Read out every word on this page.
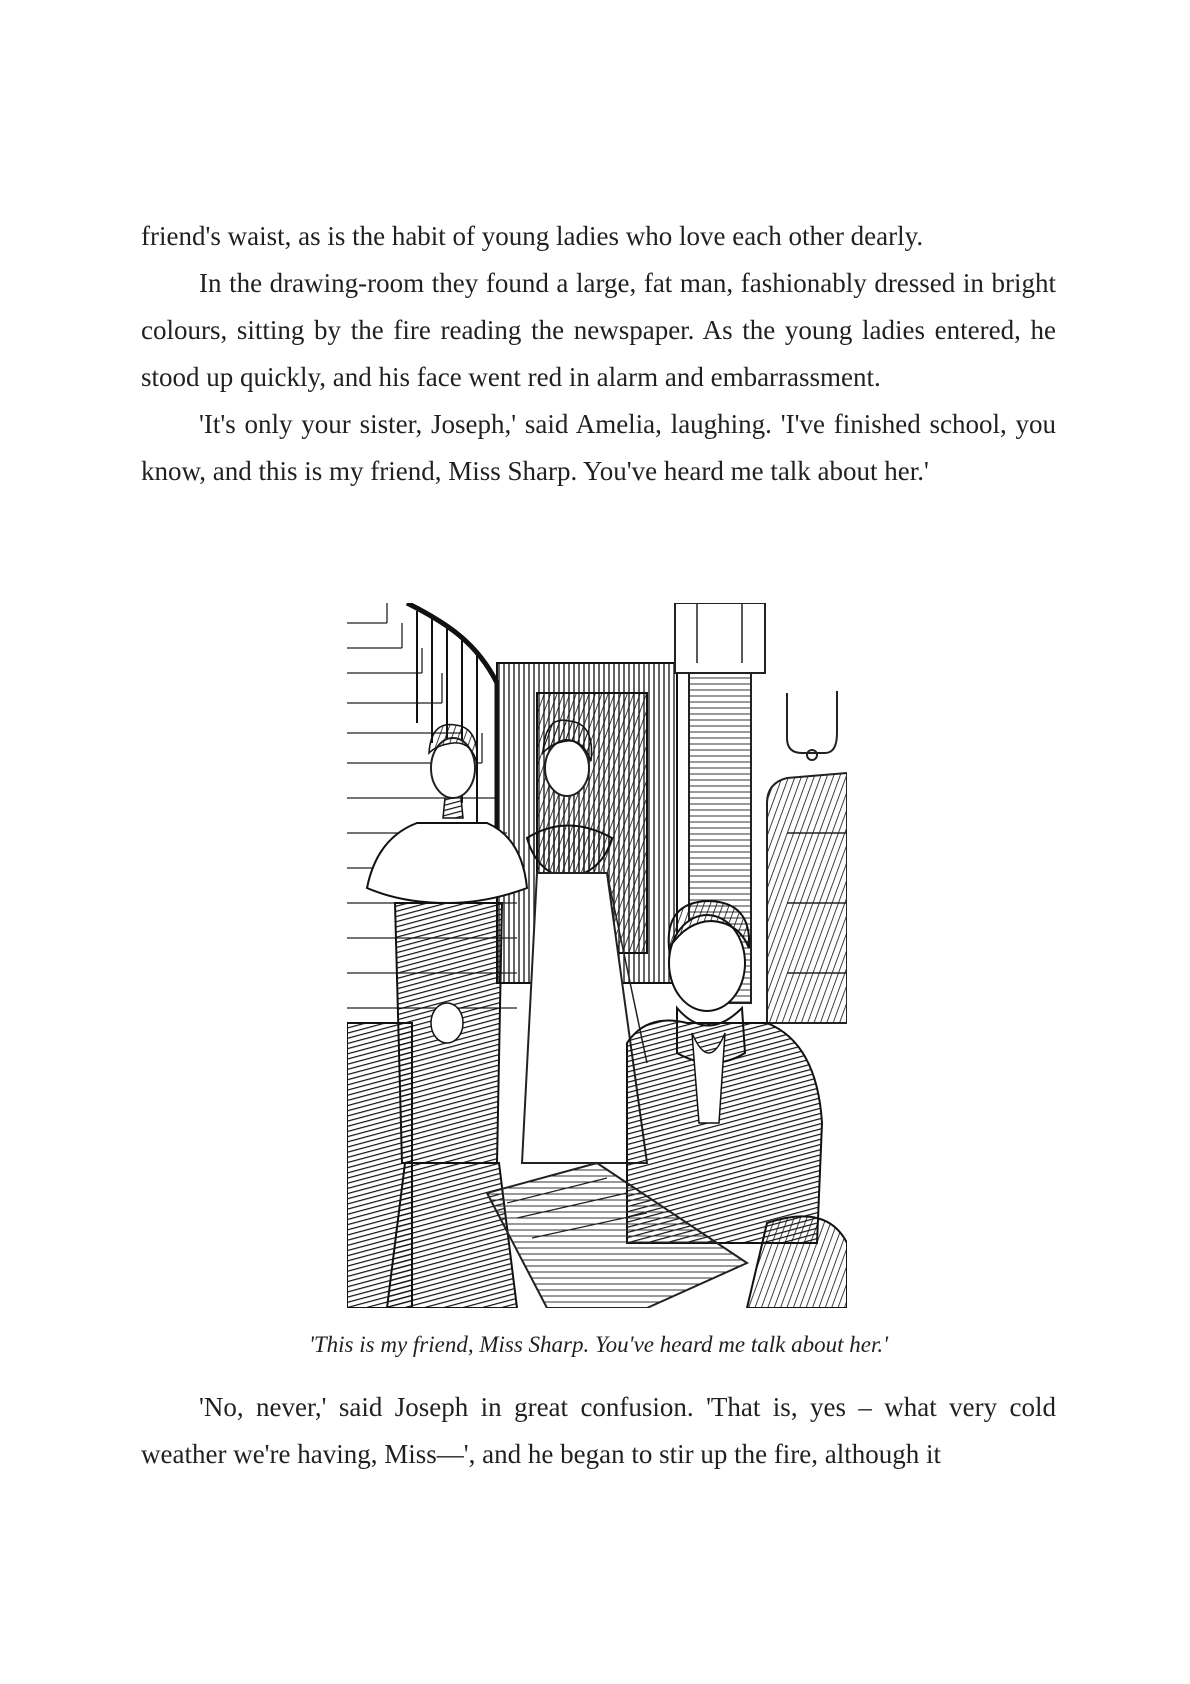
friend's waist, as is the habit of young ladies who love each other dearly.

In the drawing-room they found a large, fat man, fashionably dressed in bright colours, sitting by the fire reading the newspaper. As the young ladies entered, he stood up quickly, and his face went red in alarm and embarrassment.

'It's only your sister, Joseph,' said Amelia, laughing. 'I've finished school, you know, and this is my friend, Miss Sharp. You've heard me talk about her.'

'This is my friend, Miss Sharp. You've heard me talk about her.'

'No, never,' said Joseph in great confusion. 'That is, yes – what very cold weather we're having, Miss—', and he began to stir up the fire, although it
